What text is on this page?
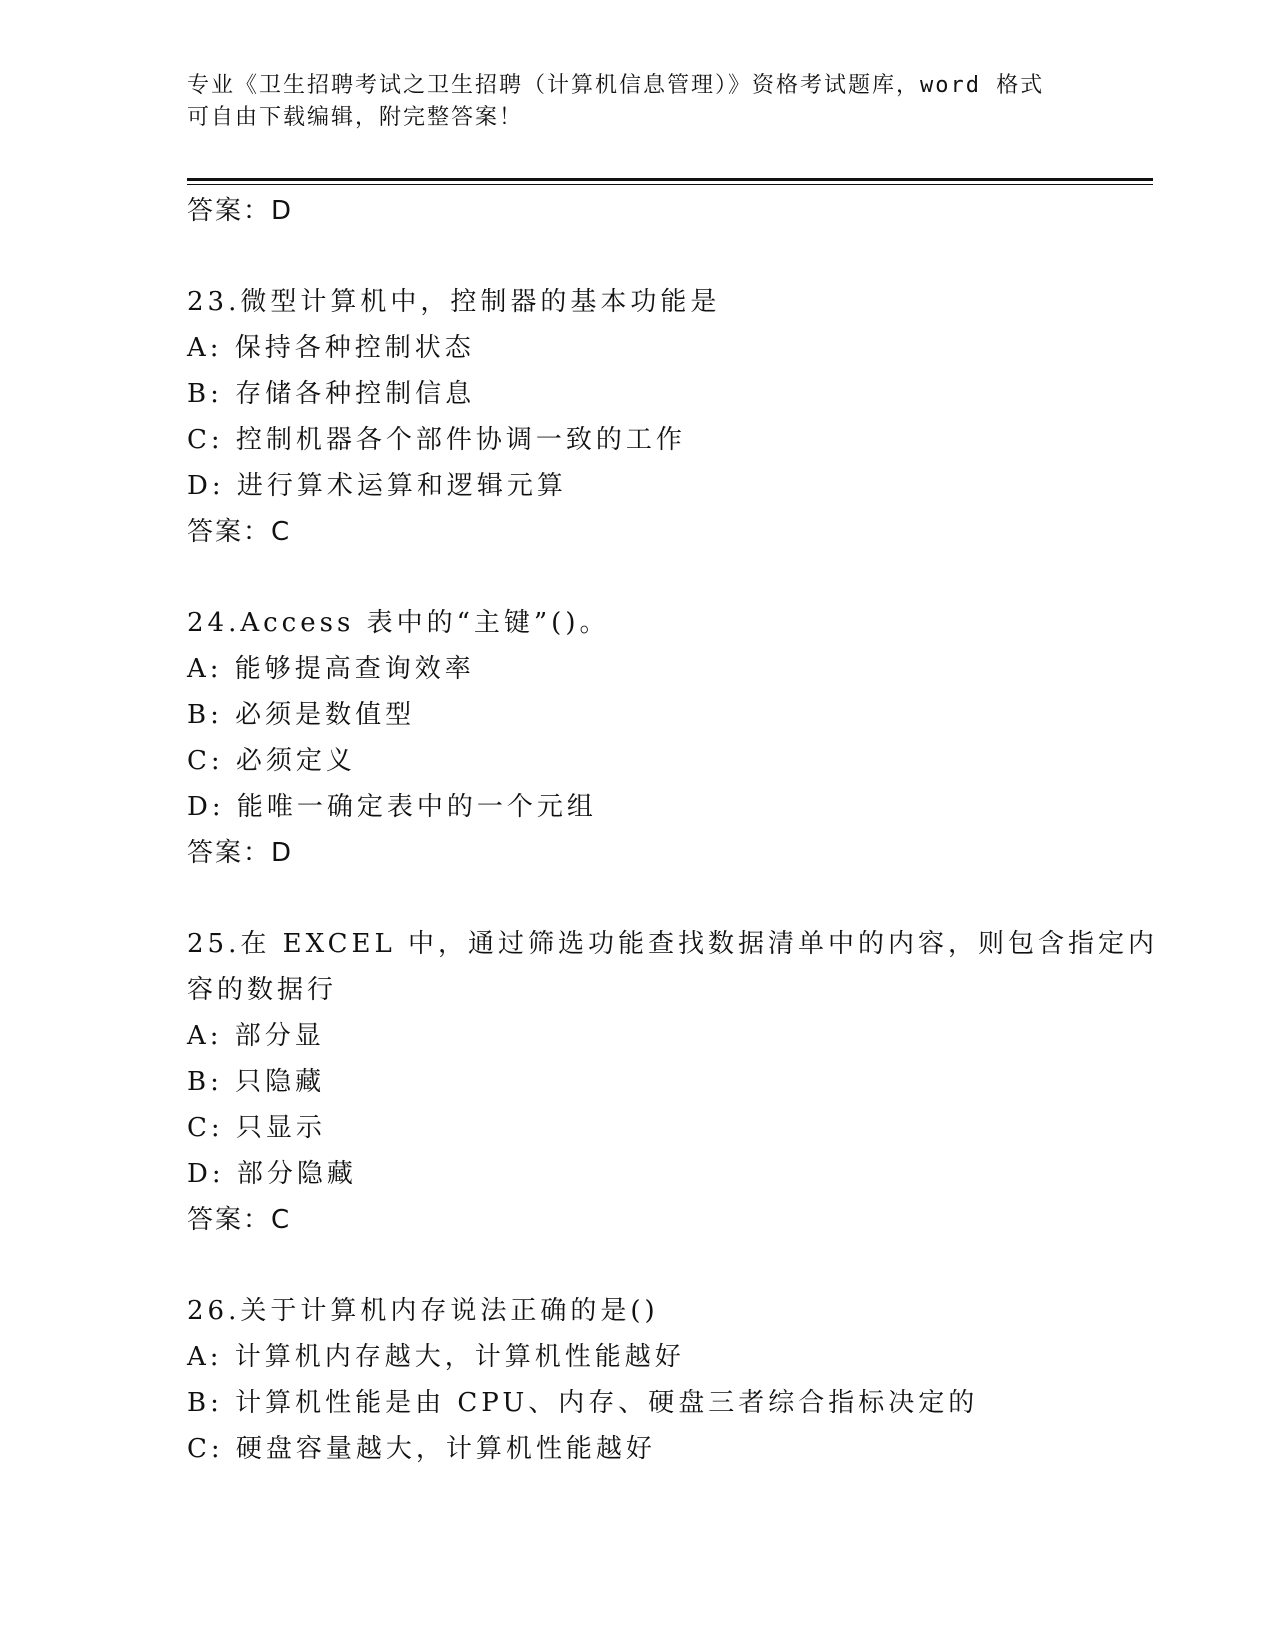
专业《卫生招聘考试之卫生招聘（计算机信息管理）》资格考试题库，word 格式

可自由下载编辑，附完整答案！

答案：D
23.微型计算机中，控制器的基本功能是
A: 保持各种控制状态
B: 存储各种控制信息
C: 控制机器各个部件协调一致的工作
D: 进行算术运算和逻辑元算
答案：C
24.Access 表中的“主键”()。
A: 能够提高查询效率
B: 必须是数值型
C: 必须定义
D: 能唯一确定表中的一个元组
答案：D
25.在 EXCEL 中，通过筛选功能查找数据清单中的内容，则包含指定内
容的数据行
A: 部分显
B: 只隐藏
C: 只显示
D: 部分隐藏
答案：C
26.关于计算机内存说法正确的是()
A: 计算机内存越大，计算机性能越好
B: 计算机性能是由 CPU、内存、硬盘三者综合指标决定的
C: 硬盘容量越大，计算机性能越好
